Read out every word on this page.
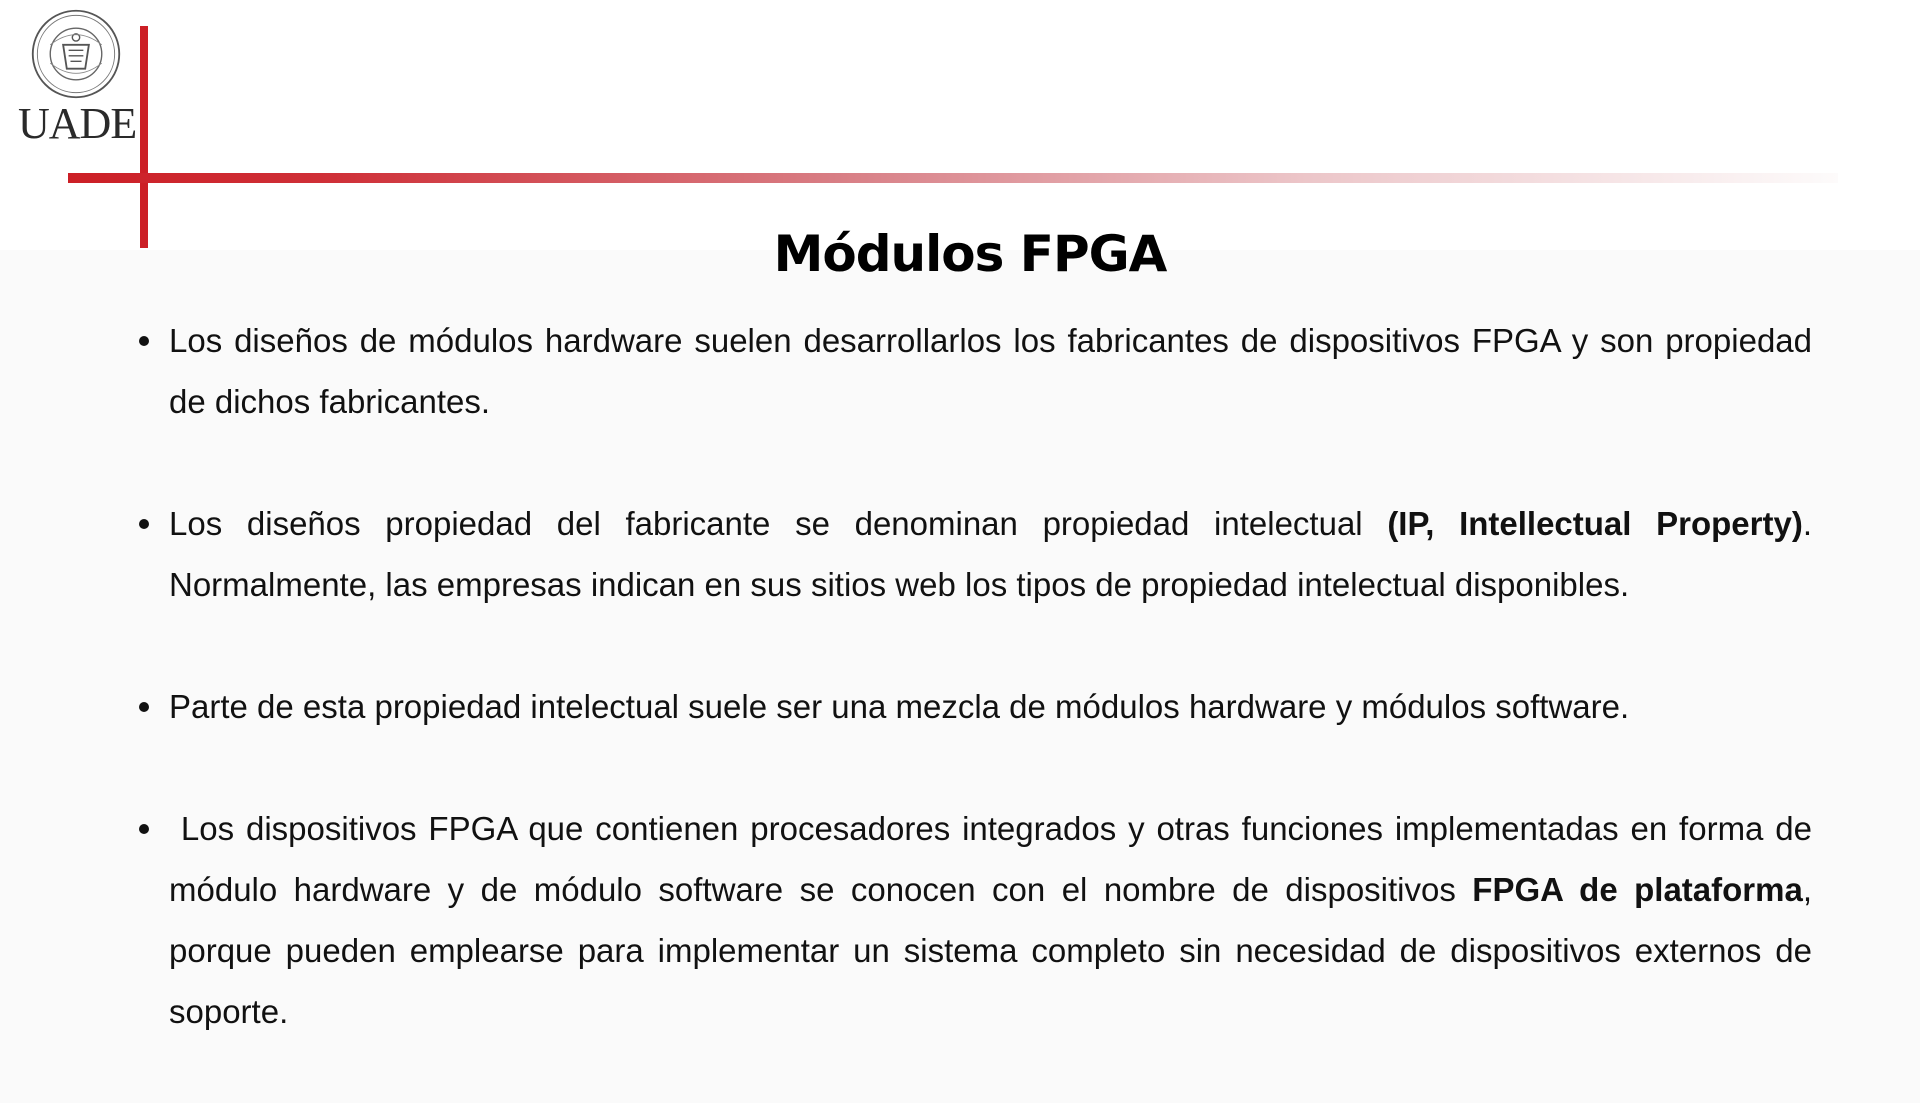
UADE
Módulos FPGA
Los diseños de módulos hardware suelen desarrollarlos los fabricantes de dispositivos FPGA y son propiedad de dichos fabricantes.
Los diseños propiedad del fabricante se denominan propiedad intelectual (IP, Intellectual Property). Normalmente, las empresas indican en sus sitios web los tipos de propiedad intelectual disponibles.
Parte de esta propiedad intelectual suele ser una mezcla de módulos hardware y módulos software.
Los dispositivos FPGA que contienen procesadores integrados y otras funciones implementadas en forma de módulo hardware y de módulo software se conocen con el nombre de dispositivos FPGA de plataforma, porque pueden emplearse para implementar un sistema completo sin necesidad de dispositivos externos de soporte.
